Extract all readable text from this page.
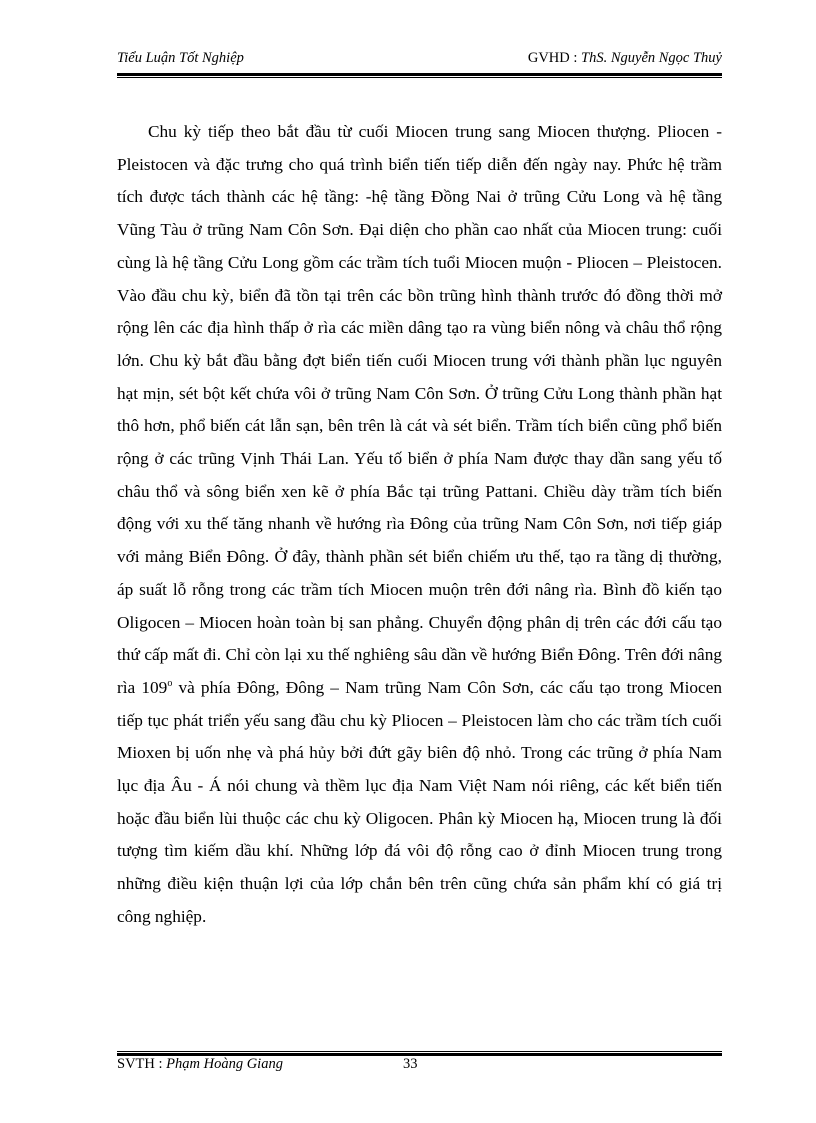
Tiểu Luận Tốt Nghiệp	GVHD : ThS. Nguyễn Ngọc Thuỷ

Chu kỳ tiếp theo bắt đầu từ cuối Miocen trung sang Miocen thượng. Pliocen - Pleistocen và đặc trưng cho quá trình biển tiến tiếp diễn đến ngày nay. Phức hệ trầm tích được tách thành các hệ tầng: -hệ tầng Đồng Nai ở trũng Cửu Long và hệ tầng Vũng Tàu ở trũng Nam Côn Sơn. Đại diện cho phần cao nhất của Miocen trung: cuối cùng là hệ tầng Cửu Long gồm các trầm tích tuổi Miocen muộn - Pliocen – Pleistocen. Vào đầu chu kỳ, biển đã tồn tại trên các bồn trũng hình thành trước đó đồng thời mở rộng lên các địa hình thấp ở rìa các miền dâng tạo ra vùng biển nông và châu thổ rộng lớn. Chu kỳ bắt đầu bằng đợt biển tiến cuối Miocen trung với thành phần lục nguyên hạt mịn, sét bột kết chứa vôi ở trũng Nam Côn Sơn. Ở trũng Cửu Long thành phần hạt thô hơn, phổ biến cát lẫn sạn, bên trên là cát và sét biển. Trầm tích biển cũng phổ biến rộng ở các trũng Vịnh Thái Lan. Yếu tố biển ở phía Nam được thay dần sang yếu tố châu thổ và sông biển xen kẽ ở phía Bắc tại trũng Pattani. Chiều dày trầm tích biến động với xu thế tăng nhanh về hướng rìa Đông của trũng Nam Côn Sơn, nơi tiếp giáp với mảng Biển Đông. Ở đây, thành phần sét biển chiếm ưu thế, tạo ra tầng dị thường, áp suất lỗ rỗng trong các trầm tích Miocen muộn trên đới nâng rìa. Bình đồ kiến tạo Oligocen – Miocen hoàn toàn bị san phẳng. Chuyển động phân dị trên các đới cấu tạo thứ cấp mất đi. Chỉ còn lại xu thế nghiêng sâu dần về hướng Biển Đông. Trên đới nâng rìa 109$^o$ và phía Đông, Đông – Nam trũng Nam Côn Sơn, các cấu tạo trong Miocen tiếp tục phát triển yếu sang đầu chu kỳ Pliocen – Pleistocen làm cho các trầm tích cuối Mioxen bị uốn nhẹ và phá hủy bởi đứt gãy biên độ nhỏ. Trong các trũng ở phía Nam lục địa Âu - Á nói chung và thềm lục địa Nam Việt Nam nói riêng, các kết biển tiến hoặc đầu biển lùi thuộc các chu kỳ Oligocen. Phân kỳ Miocen hạ, Miocen trung là đối tượng tìm kiếm dầu khí. Những lớp đá vôi độ rỗng cao ở đỉnh Miocen trung trong những điều kiện thuận lợi của lớp chắn bên trên cũng chứa sản phẩm khí có giá trị công nghiệp.

SVTH : Phạm Hoàng Giang	33
